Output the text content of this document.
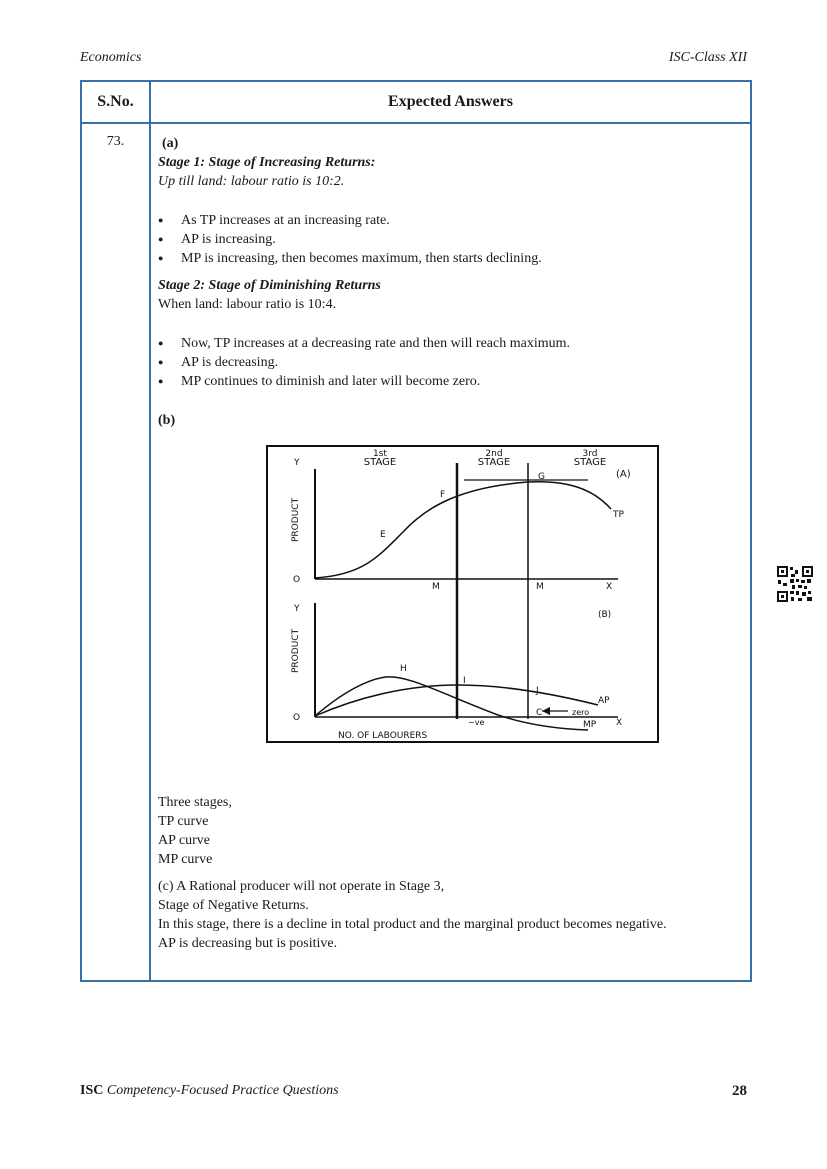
Economics	ISC-Class XII
S.No.	Expected Answers
73.	(a)
Stage 1: Stage of Increasing Returns:
Up till land: labour ratio is 10:2.
● As TP increases at an increasing rate.
● AP is increasing.
● MP is increasing, then becomes maximum, then starts declining.
Stage 2: Stage of Diminishing Returns
When land: labour ratio is 10:4.
● Now, TP increases at a decreasing rate and then will reach maximum.
● AP is decreasing.
● MP continues to diminish and later will become zero.
(b)
Three stages,
TP curve
AP curve
MP curve
(c) A Rational producer will not operate in Stage 3,
Stage of Negative Returns.
In this stage, there is a decline in total product and the marginal product becomes negative.
AP is decreasing but is positive.
1st
STAGE
2nd
STAGE
3rd
STAGE
Y
O
X
M	M
PRODUCT
(A)
E
F
G
TP
Y
O	X
PRODUCT
(B)
H
I
J
C
AP
zero
MP
−ve
NO. OF LABOURERS
ISC Competency-Focused Practice Questions	28
